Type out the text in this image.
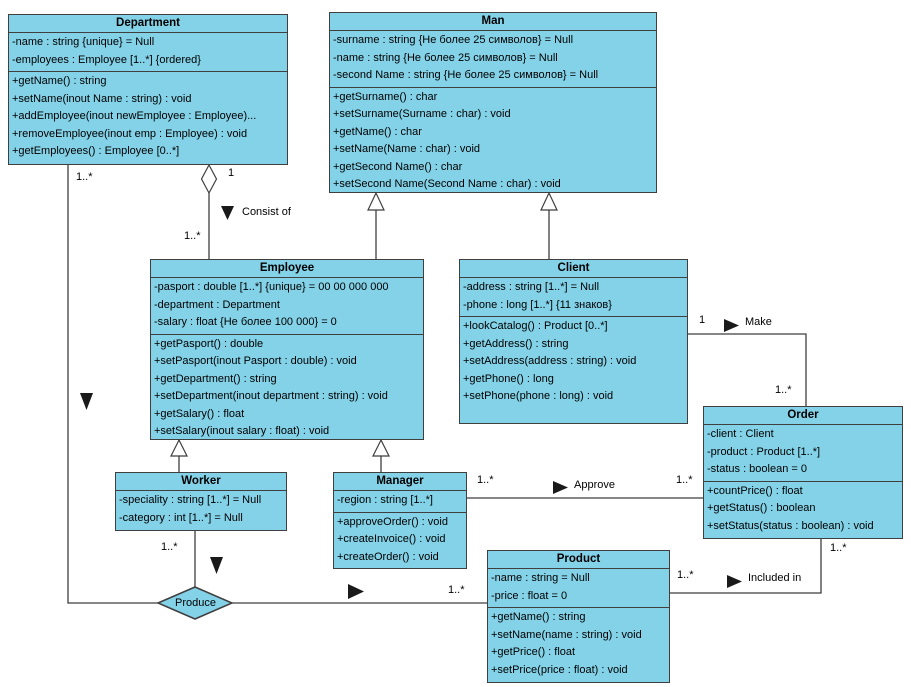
Department
-name : string {unique} = Null
-employees : Employee [1..*] {ordered}
+getName() : string
+setName(inout Name : string) : void
+addEmployee(inout newEmployee : Employee)...
+removeEmployee(inout emp : Employee) : void
+getEmployees() : Employee [0..*]
Man
-surname : string {Не более 25 символов} = Null
-name : string {Не более 25 символов} = Null
-second Name : string {Не более 25 символов} = Null
+getSurname() : char
+setSurname(Surname : char) : void
+getName() : char
+setName(Name : char) : void
+getSecond Name() : char
+setSecond Name(Second Name : char) : void
Employee
-pasport : double [1..*] {unique} = 00 00 000 000
-department : Department
-salary : float {Не более 100 000} = 0
+getPasport() : double
+setPasport(inout Pasport : double) : void
+getDepartment() : string
+setDepartment(inout department : string) : void
+getSalary() : float
+setSalary(inout salary : float) : void
Client
-address : string [1..*] = Null
-phone : long [1..*] {11 знаков}
+lookCatalog() : Product [0..*]
+getAddress() : string
+setAddress(address : string) : void
+getPhone() : long
+setPhone(phone : long) : void
Order
-client : Client
-product : Product [1..*]
-status : boolean = 0
+countPrice() : float
+getStatus() : boolean
+setStatus(status : boolean) : void
Worker
-speciality : string [1..*] = Null
-category : int [1..*] = Null
Manager
-region : string [1..*]
+approveOrder() : void
+createInvoice() : void
+createOrder() : void	Product
-name : string = Null
-price : float = 0
+getName() : string
+setName(name : string) : void
+getPrice() : float
+setPrice(price : float) : void
1..*	1
Consist of
1..*
1	Make
1..*
1..*	Approve	1..*
1..*	Included in
1..*
1..*
1..*
Produce
